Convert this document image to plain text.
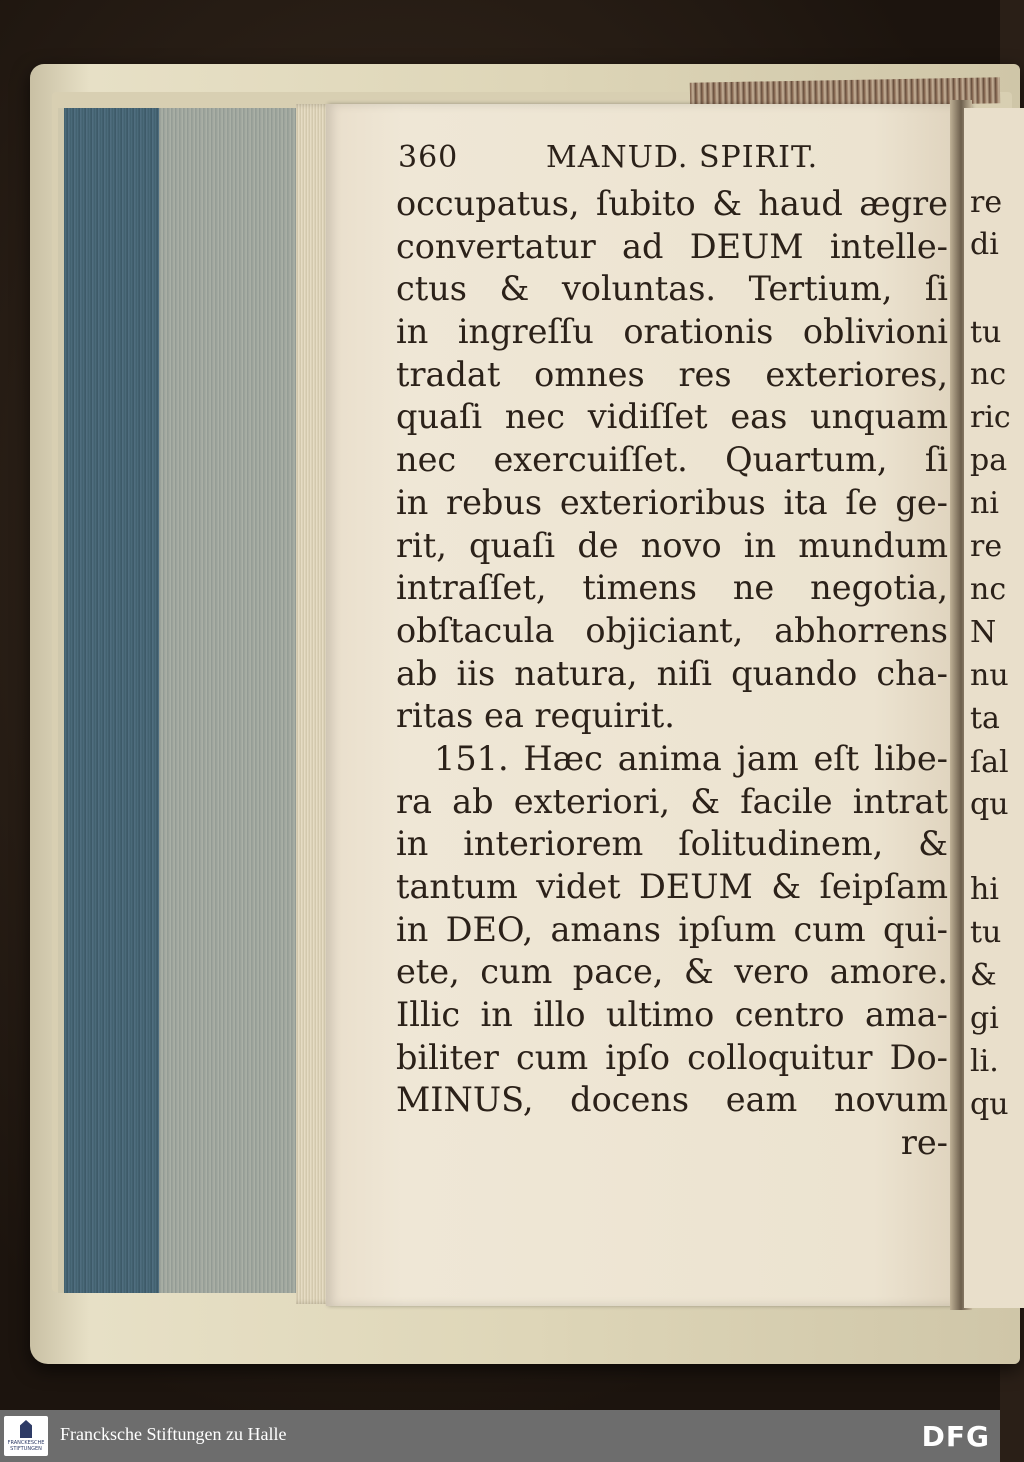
re
di
tu
nc
ric
pa
ni
re
nc
N
nu
ta
ſal
qu
hi
tu
&
gi
li.
qu
360	MANUD. SPIRIT.
occupatus, ſubito & haud ægre
convertatur ad DEUM intelle-
ctus & voluntas. Tertium, ſi
in ingreſſu orationis oblivioni
tradat omnes res exteriores,
quaſi nec vidiſſet eas unquam
nec exercuiſſet. Quartum, ſi
in rebus exterioribus ita ſe ge-
rit, quaſi de novo in mundum
intraſſet, timens ne negotia,
obſtacula objiciant, abhorrens
ab iis natura, niſi quando cha-
ritas ea requirit.
151. Hæc anima jam eſt libe-
ra ab exteriori, & facile intrat
in interiorem ſolitudinem, &
tantum videt DEUM & ſeipſam
in DEO, amans ipſum cum qui-
ete, cum pace, & vero amore.
Illic in illo ultimo centro ama-
biliter cum ipſo colloquitur Do-
MINUS, docens eam novum
re-
FRANCKESCHE STIFTUNGEN
Francksche Stiftungen zu Halle	DFG
